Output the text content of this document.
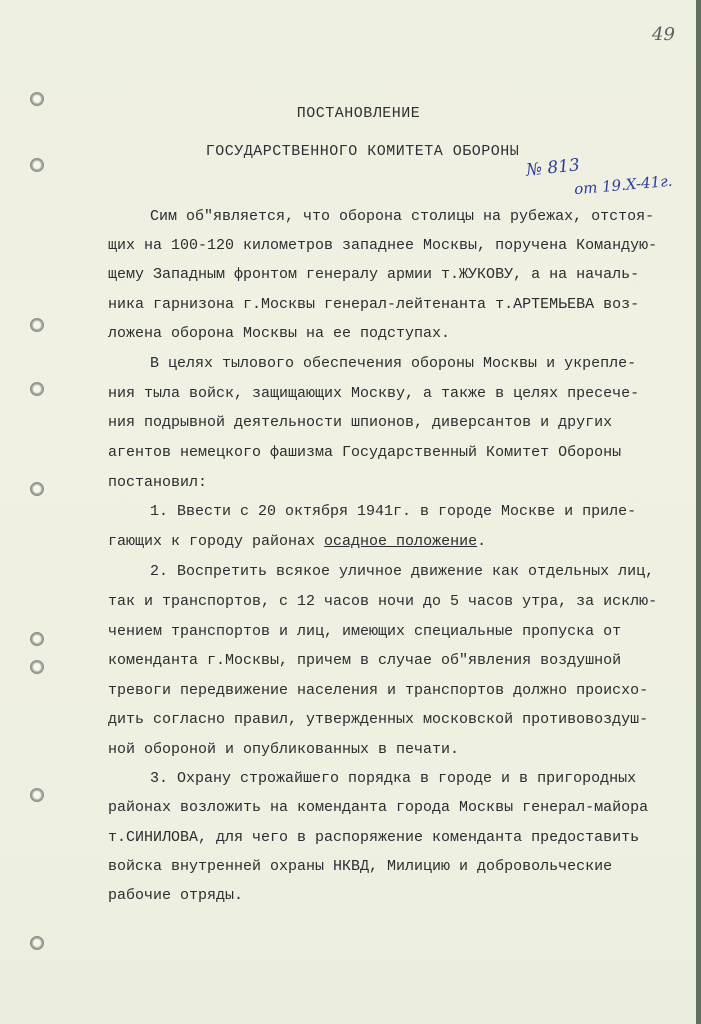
49
ПОСТАНОВЛЕНИЕ
ГОСУДАРСТВЕННОГО КОМИТЕТА ОБОРОНЫ
№ 813
от 19.X-41г.
Сим об"является, что оборона столицы на рубежах, отстоя-
щих на 100-120 километров западнее Москвы, поручена Командую-
щему Западным фронтом генералу армии т.ЖУКОВУ, а на началь-
ника гарнизона г.Москвы генерал-лейтенанта т.АРТЕМЬЕВА воз-
ложена оборона Москвы на ее подступах.
В целях тылового обеспечения обороны Москвы и укрепле-
ния тыла войск, защищающих Москву, а также в целях пресече-
ния подрывной деятельности шпионов, диверсантов и других
агентов немецкого фашизма Государственный Комитет Обороны
постановил:
1. Ввести с 20 октября 1941г. в городе Москве и приле-
гающих к городу районах осадное положение.
2. Воспретить всякое уличное движение как отдельных лиц,
так и транспортов, с 12 часов ночи до 5 часов утра, за исклю-
чением транспортов и лиц, имеющих специальные пропуска от
коменданта г.Москвы, причем в случае об"явления воздушной
тревоги передвижение населения и транспортов должно происхо-
дить согласно правил, утвержденных московской противовоздуш-
ной обороной и опубликованных в печати.
3. Охрану строжайшего порядка в городе и в пригородных
районах возложить на коменданта города Москвы генерал-майора
т.СИНИЛОВА, для чего в распоряжение коменданта предоставить
войска внутренней охраны НКВД, Милицию и добровольческие
рабочие отряды.
